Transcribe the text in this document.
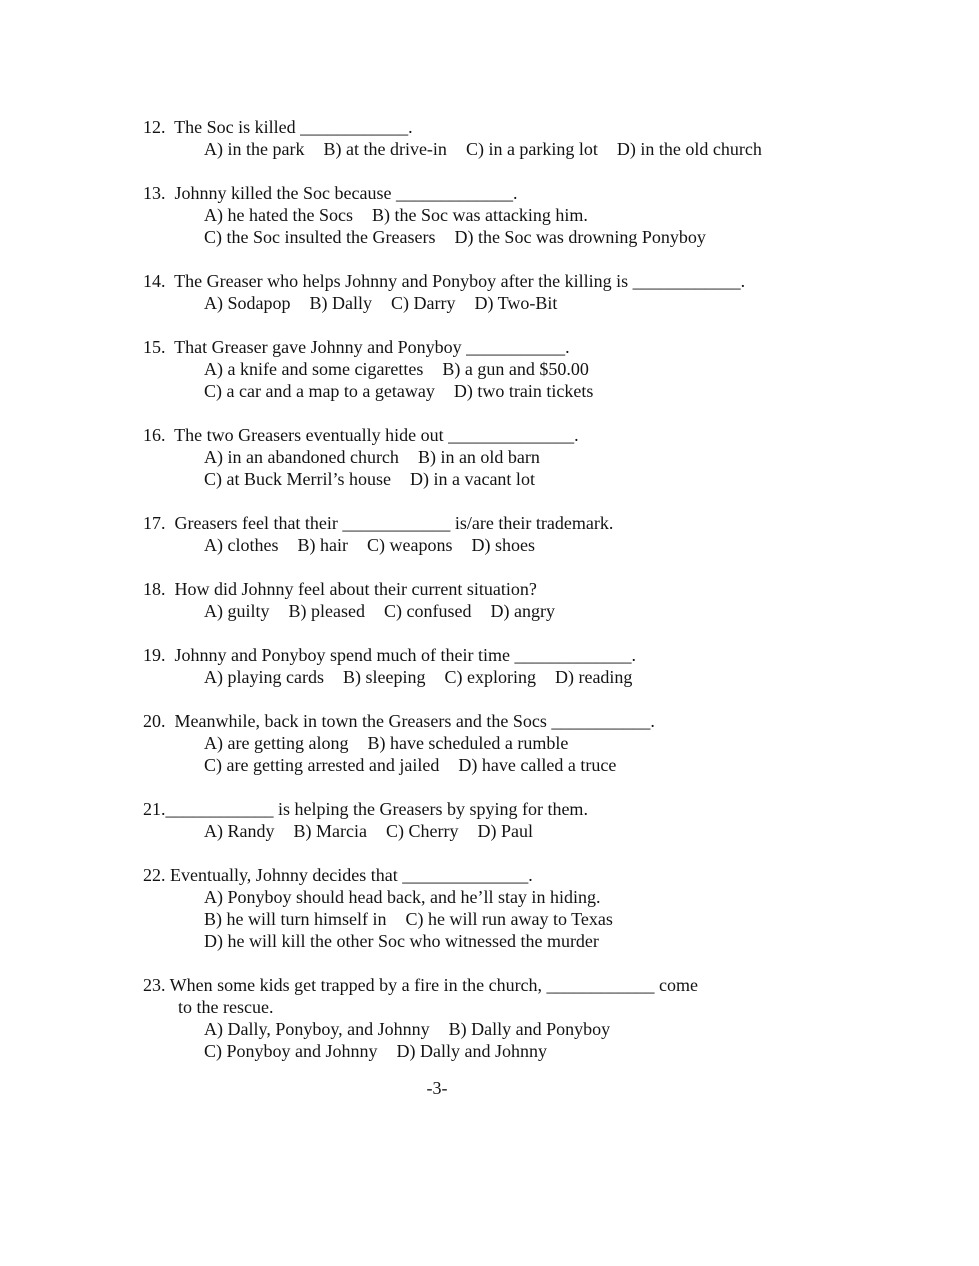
12.  The Soc is killed ____________.
A) in the park B) at the drive-in C) in a parking lot D) in the old church
13.  Johnny killed the Soc because _____________.
A) he hated the Socs B) the Soc was attacking him.
C) the Soc insulted the Greasers D) the Soc was drowning Ponyboy
14.  The Greaser who helps Johnny and Ponyboy after the killing is ____________.
A) Sodapop B) Dally C) Darry D) Two-Bit
15.  That Greaser gave Johnny and Ponyboy ___________.
A) a knife and some cigarettes B) a gun and $50.00
C) a car and a map to a getaway D) two train tickets
16.  The two Greasers eventually hide out ______________.
A) in an abandoned church B) in an old barn
C) at Buck Merril’s house D) in a vacant lot
17.  Greasers feel that their ____________ is/are their trademark.
A) clothes B) hair C) weapons D) shoes
18.  How did Johnny feel about their current situation?
A) guilty B) pleased C) confused D) angry
19.  Johnny and Ponyboy spend much of their time _____________.
A) playing cards B) sleeping C) exploring D) reading
20.  Meanwhile, back in town the Greasers and the Socs ___________.
A) are getting along B) have scheduled a rumble
C) are getting arrested and jailed D) have called a truce
21.____________ is helping the Greasers by spying for them.
A) Randy B) Marcia C) Cherry D) Paul
22. Eventually, Johnny decides that ______________.
A) Ponyboy should head back, and he’ll stay in hiding.
B) he will turn himself in C) he will run away to Texas
D) he will kill the other Soc who witnessed the murder
23. When some kids get trapped by a fire in the church, ____________ come
to the rescue.
A) Dally, Ponyboy, and Johnny B) Dally and Ponyboy
C) Ponyboy and Johnny D) Dally and Johnny
-3-
